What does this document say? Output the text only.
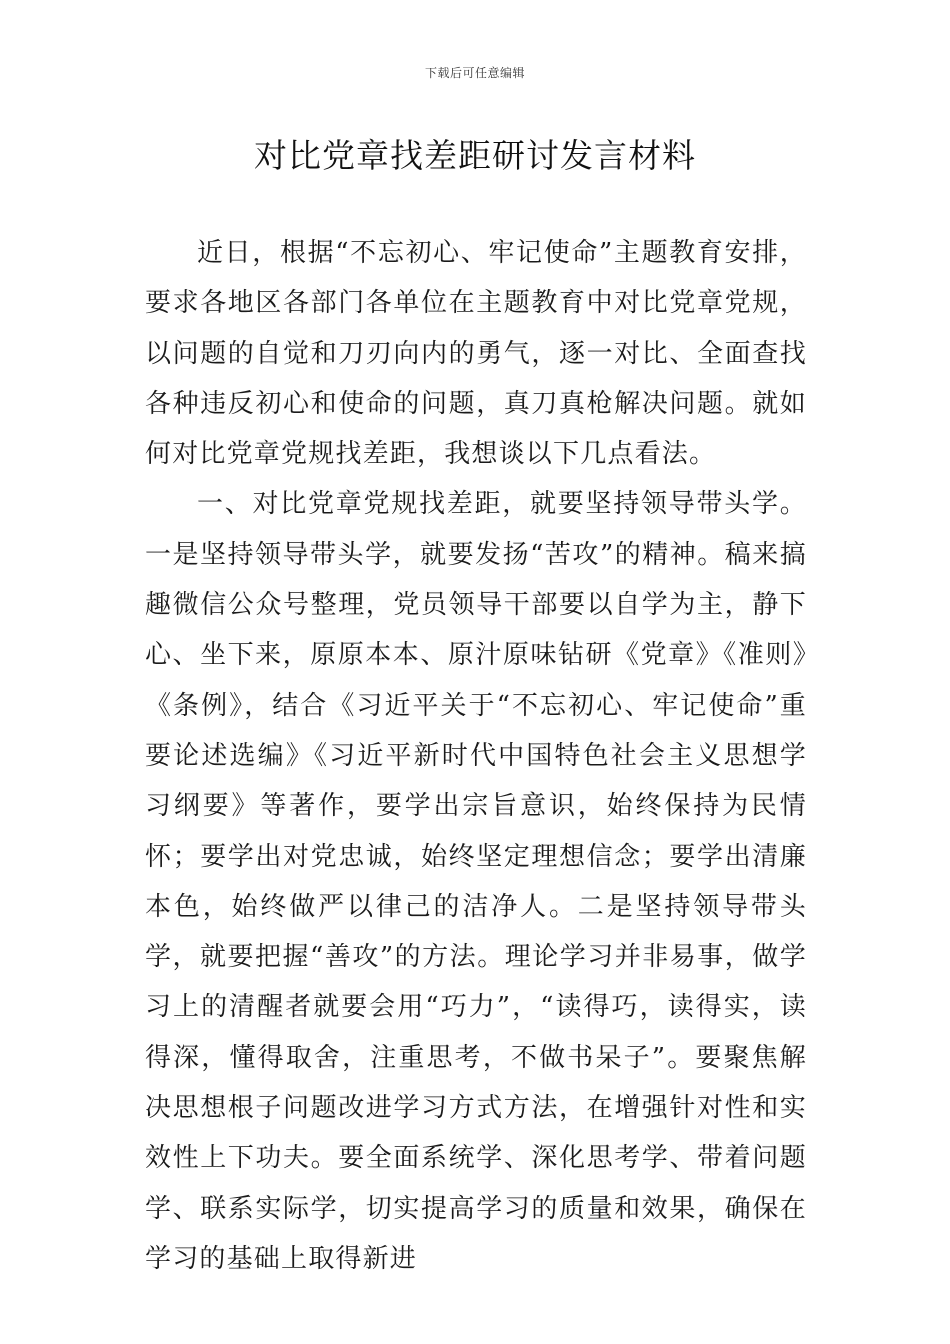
下载后可任意编辑
对比党章找差距研讨发言材料

近日，根据“不忘初心、牢记使命”主题教育安排，要求各地区各部门各单位在主题教育中对比党章党规，以问题的自觉和刀刃向内的勇气，逐一对比、全面查找各种违反初心和使命的问题，真刀真枪解决问题。就如何对比党章党规找差距，我想谈以下几点看法。

一、对比党章党规找差距，就要坚持领导带头学。一是坚持领导带头学，就要发扬“苦攻”的精神。稿来搞趣微信公众号整理，党员领导干部要以自学为主，静下心、坐下来，原原本本、原汁原味钻研《党章》《准则》《条例》，结合《习近平关于“不忘初心、牢记使命”重要论述选编》《习近平新时代中国特色社会主义思想学习纲要》等著作，要学出宗旨意识，始终保持为民情怀；要学出对党忠诚，始终坚定理想信念；要学出清廉本色，始终做严以律己的洁净人。二是坚持领导带头学，就要把握“善攻”的方法。理论学习并非易事，做学习上的清醒者就要会用“巧力”，“读得巧，读得实，读得深，懂得取舍，注重思考，不做书呆子”。要聚焦解决思想根子问题改进学习方式方法，在增强针对性和实效性上下功夫。要全面系统学、深化思考学、带着问题学、联系实际学，切实提高学习的质量和效果，确保在学习的基础上取得新进
